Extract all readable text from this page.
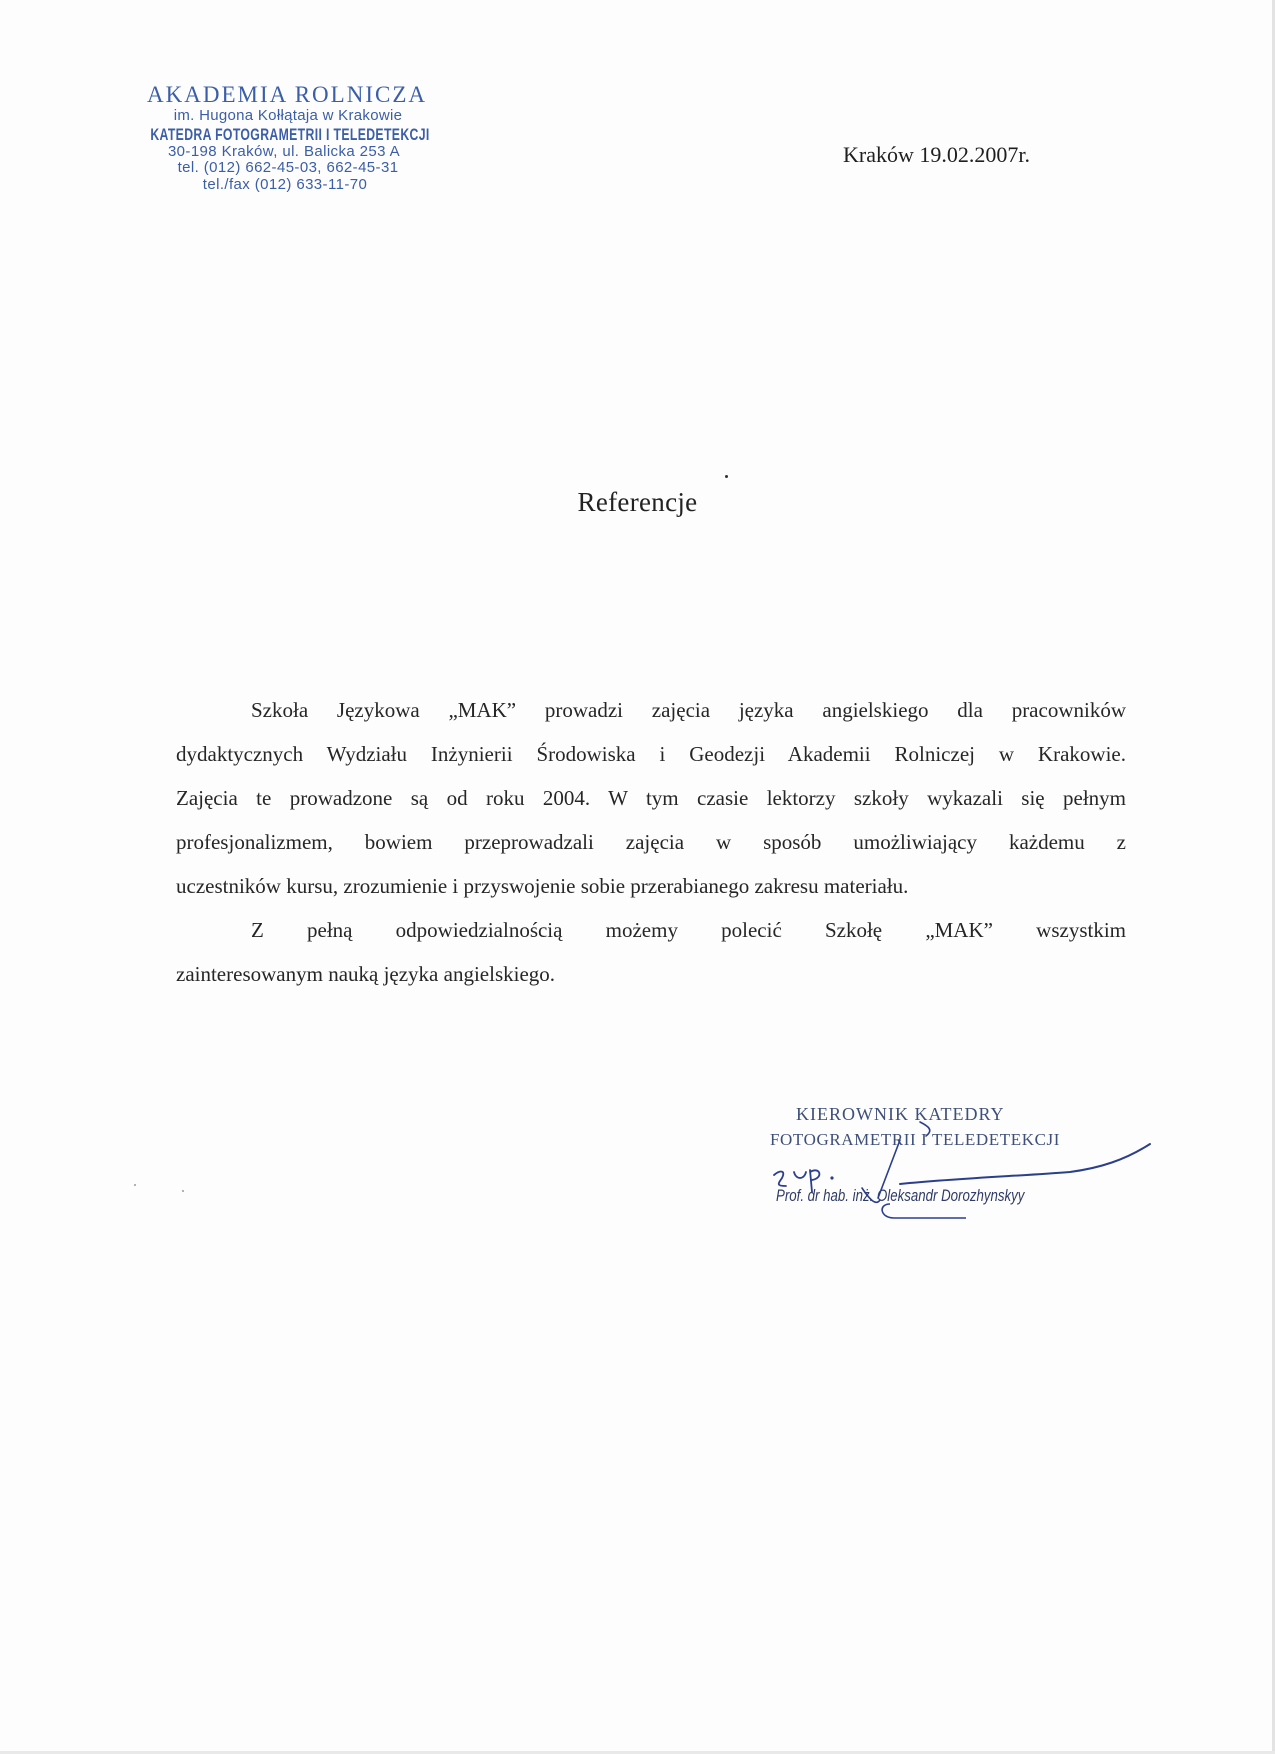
AKADEMIA ROLNICZA
im. Hugona Kołłątaja w Krakowie
KATEDRA FOTOGRAMETRII I TELEDETEKCJI
30-198 Kraków, ul. Balicka 253 A
tel. (012) 662-45-03, 662-45-31
tel./fax (012) 633-11-70
Kraków 19.02.2007r.
Referencje

Szkoła Językowa „MAK” prowadzi zajęcia języka angielskiego dla pracowników
dydaktycznych Wydziału Inżynierii Środowiska i Geodezji Akademii Rolniczej w Krakowie.
Zajęcia te prowadzone są od roku 2004. W tym czasie lektorzy szkoły wykazali się pełnym
profesjonalizmem, bowiem przeprowadzali zajęcia w sposób umożliwiający każdemu z
uczestników kursu, zrozumienie i przyswojenie sobie przerabianego zakresu materiału.

Z pełną odpowiedzialnością możemy polecić Szkołę „MAK” wszystkim
zainteresowanym nauką języka angielskiego.

KIEROWNIK KATEDRY
FOTOGRAMETRII I TELEDETEKCJI
Prof. dr hab. inż. Oleksandr Dorozhynskyy
